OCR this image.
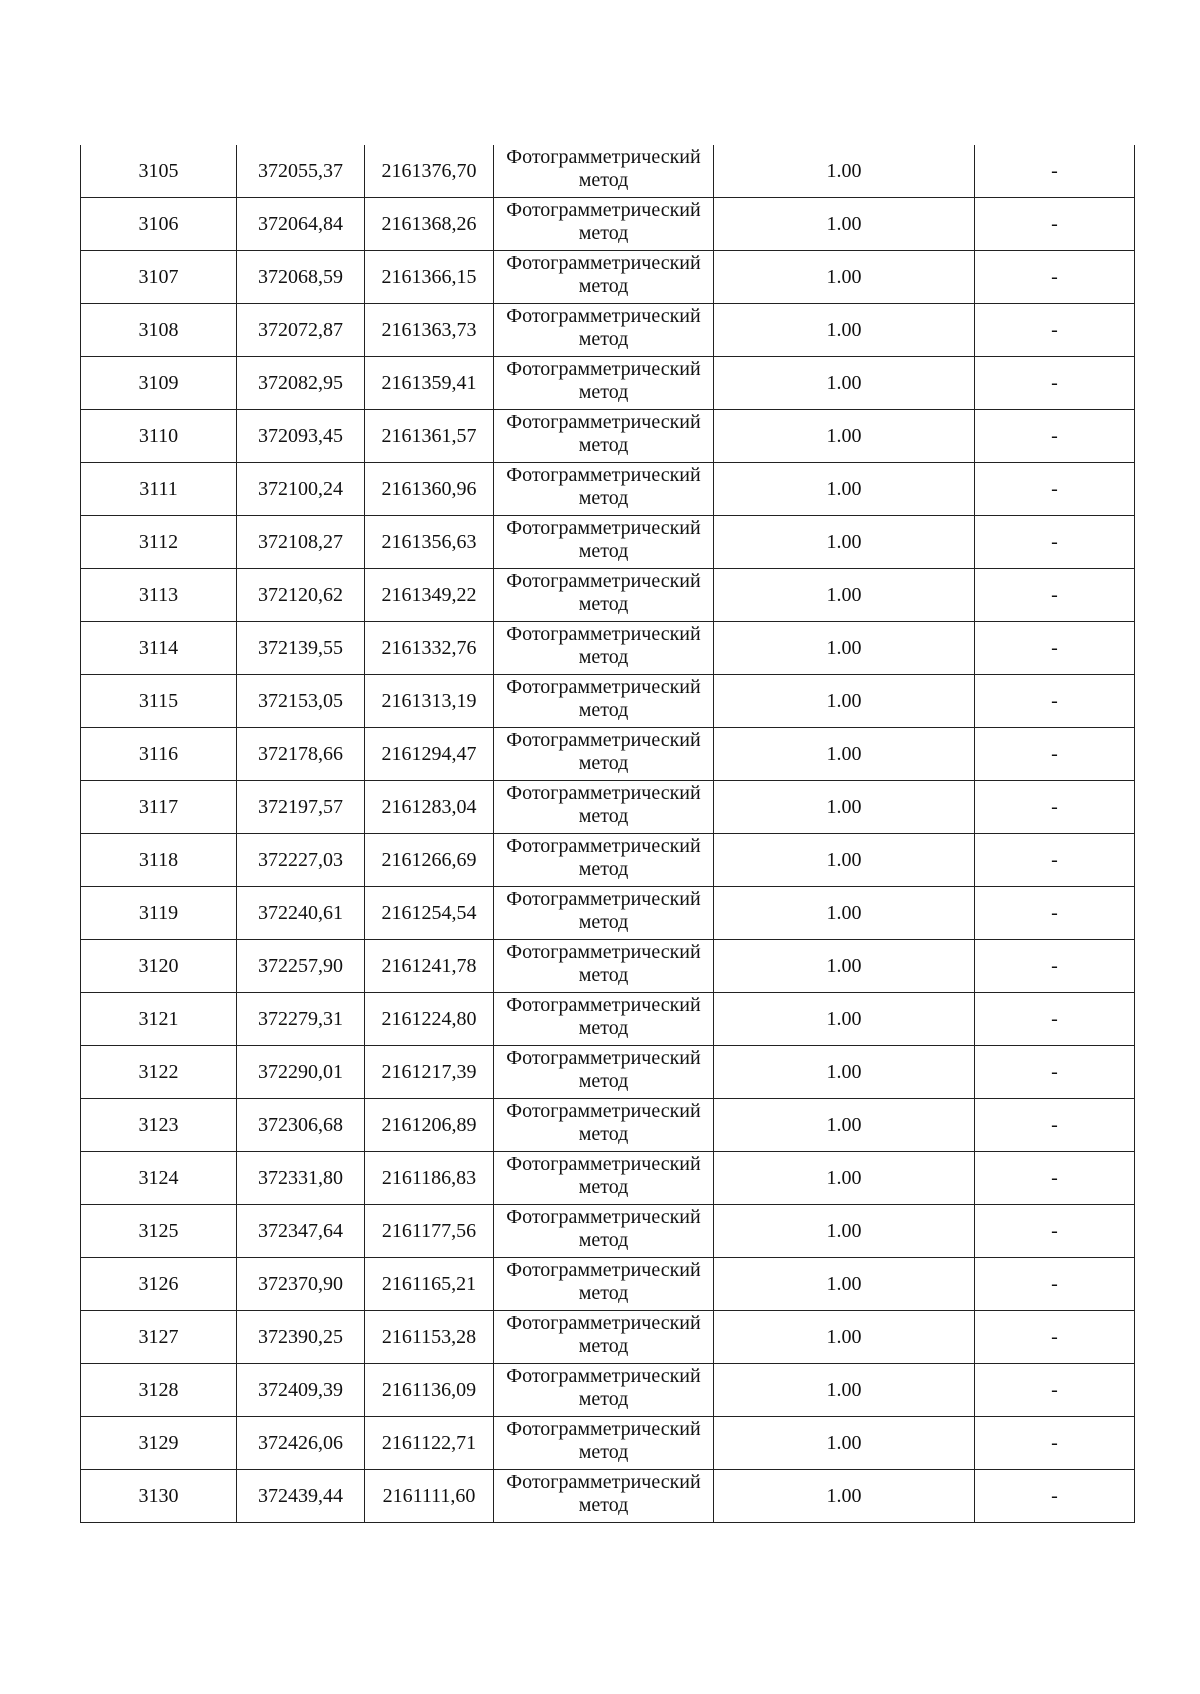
3105	372055,37	2161376,70	Фотограмметрический
метод	1.00	-
3106	372064,84	2161368,26	Фотограмметрический
метод	1.00	-
3107	372068,59	2161366,15	Фотограмметрический
метод	1.00	-
3108	372072,87	2161363,73	Фотограмметрический
метод	1.00	-
3109	372082,95	2161359,41	Фотограмметрический
метод	1.00	-
3110	372093,45	2161361,57	Фотограмметрический
метод	1.00	-
3111	372100,24	2161360,96	Фотограмметрический
метод	1.00	-
3112	372108,27	2161356,63	Фотограмметрический
метод	1.00	-
3113	372120,62	2161349,22	Фотограмметрический
метод	1.00	-
3114	372139,55	2161332,76	Фотограмметрический
метод	1.00	-
3115	372153,05	2161313,19	Фотограмметрический
метод	1.00	-
3116	372178,66	2161294,47	Фотограмметрический
метод	1.00	-
3117	372197,57	2161283,04	Фотограмметрический
метод	1.00	-
3118	372227,03	2161266,69	Фотограмметрический
метод	1.00	-
3119	372240,61	2161254,54	Фотограмметрический
метод	1.00	-
3120	372257,90	2161241,78	Фотограмметрический
метод	1.00	-
3121	372279,31	2161224,80	Фотограмметрический
метод	1.00	-
3122	372290,01	2161217,39	Фотограмметрический
метод	1.00	-
3123	372306,68	2161206,89	Фотограмметрический
метод	1.00	-
3124	372331,80	2161186,83	Фотограмметрический
метод	1.00	-
3125	372347,64	2161177,56	Фотограмметрический
метод	1.00	-
3126	372370,90	2161165,21	Фотограмметрический
метод	1.00	-
3127	372390,25	2161153,28	Фотограмметрический
метод	1.00	-
3128	372409,39	2161136,09	Фотограмметрический
метод	1.00	-
3129	372426,06	2161122,71	Фотограмметрический
метод	1.00	-
3130	372439,44	2161111,60	Фотограмметрический
метод	1.00	-
